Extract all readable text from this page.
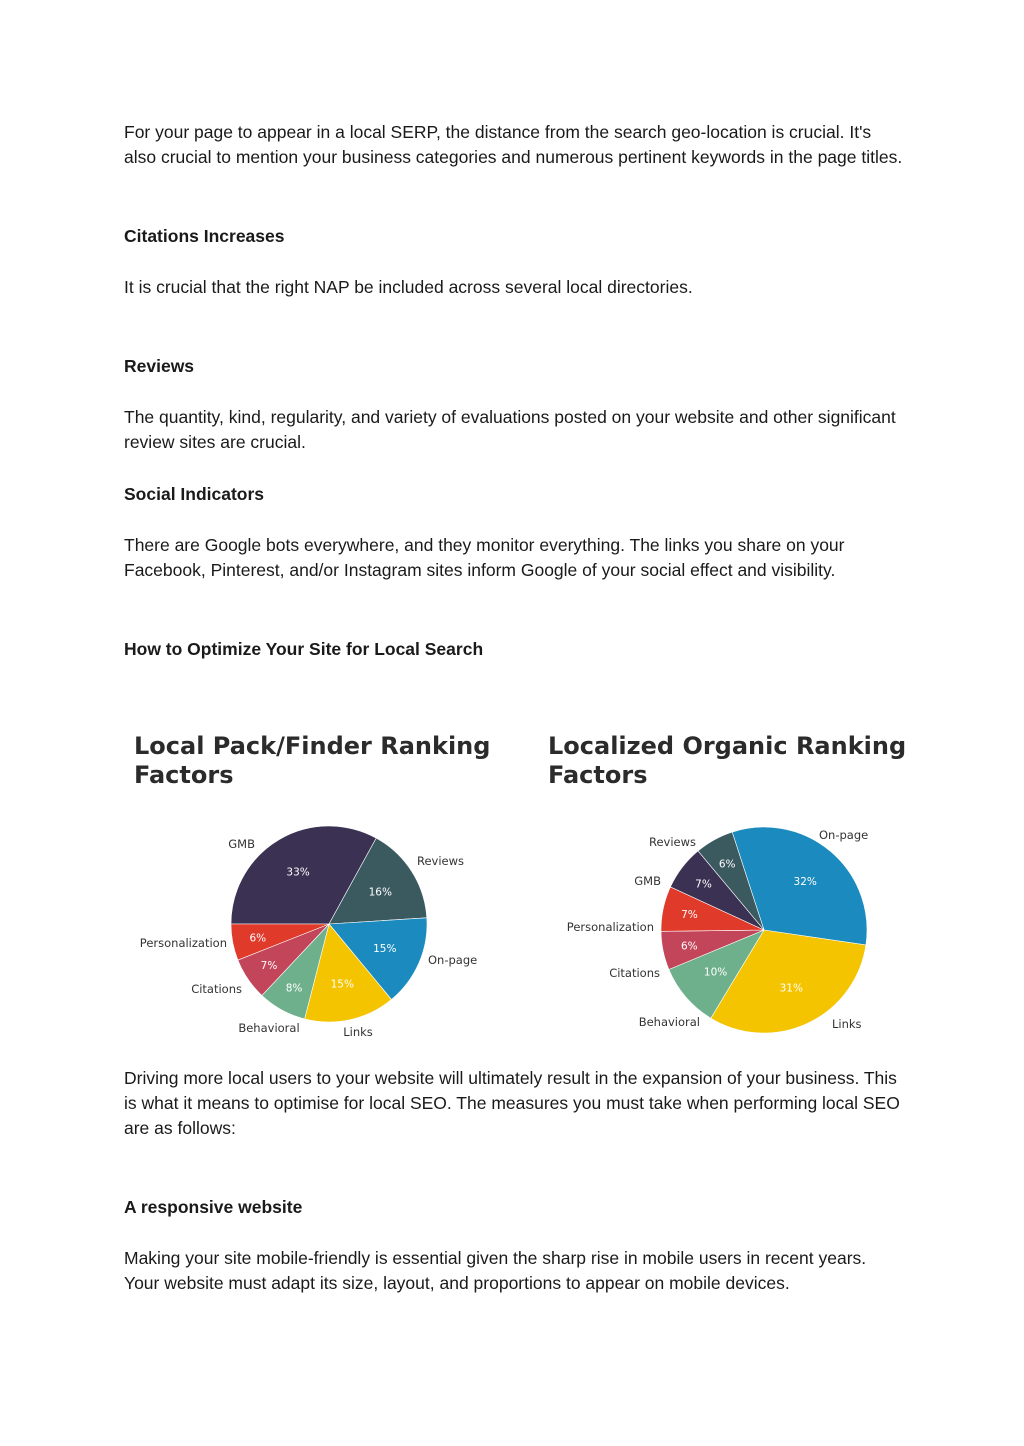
For your page to appear in a local SERP, the distance from the search geo-location is crucial. It's also crucial to mention your business categories and numerous pertinent keywords in the page titles.

Citations Increases

It is crucial that the right NAP be included across several local directories.

Reviews

The quantity, kind, regularity, and variety of evaluations posted on your website and other significant review sites are crucial.

Social Indicators

There are Google bots everywhere, and they monitor everything. The links you share on your Facebook, Pinterest, and/or Instagram sites inform Google of your social effect and visibility.

How to Optimize Your Site for Local Search
Local Pack/Finder Ranking Factors
33%
GMB
16%
Reviews
15%
On-page
15%
Links
8%
Behavioral
7%
Citations
6%
Personalization
Localized Organic Ranking Factors
32%
On-page
31%
Links
10%
Behavioral
6%
Citations
7%
Personalization
7%
GMB
6%
Reviews

Driving more local users to your website will ultimately result in the expansion of your business. This is what it means to optimise for local SEO. The measures you must take when performing local SEO are as follows:

A responsive website

Making your site mobile-friendly is essential given the sharp rise in mobile users in recent years. Your website must adapt its size, layout, and proportions to appear on mobile devices.
